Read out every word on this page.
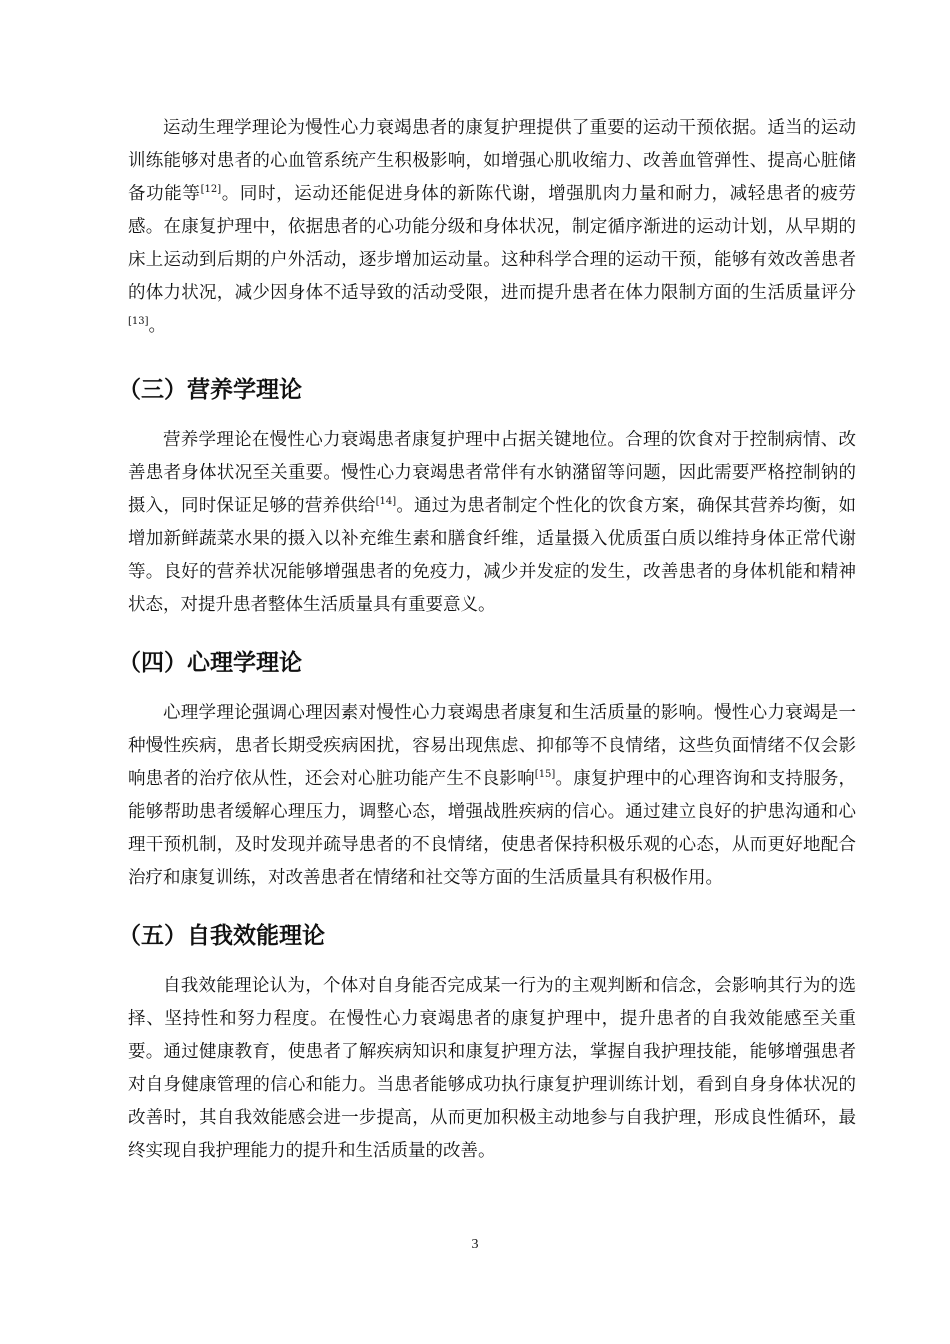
运动生理学理论为慢性心力衰竭患者的康复护理提供了重要的运动干预依据。适当的运动训练能够对患者的心血管系统产生积极影响，如增强心肌收缩力、改善血管弹性、提高心脏储备功能等[12]。同时，运动还能促进身体的新陈代谢，增强肌肉力量和耐力，减轻患者的疲劳感。在康复护理中，依据患者的心功能分级和身体状况，制定循序渐进的运动计划，从早期的床上运动到后期的户外活动，逐步增加运动量。这种科学合理的运动干预，能够有效改善患者的体力状况，减少因身体不适导致的活动受限，进而提升患者在体力限制方面的生活质量评分[13]。

（三）营养学理论

营养学理论在慢性心力衰竭患者康复护理中占据关键地位。合理的饮食对于控制病情、改善患者身体状况至关重要。慢性心力衰竭患者常伴有水钠潴留等问题，因此需要严格控制钠的摄入，同时保证足够的营养供给[14]。通过为患者制定个性化的饮食方案，确保其营养均衡，如增加新鲜蔬菜水果的摄入以补充维生素和膳食纤维，适量摄入优质蛋白质以维持身体正常代谢等。良好的营养状况能够增强患者的免疫力，减少并发症的发生，改善患者的身体机能和精神状态，对提升患者整体生活质量具有重要意义。

（四）心理学理论

心理学理论强调心理因素对慢性心力衰竭患者康复和生活质量的影响。慢性心力衰竭是一种慢性疾病，患者长期受疾病困扰，容易出现焦虑、抑郁等不良情绪，这些负面情绪不仅会影响患者的治疗依从性，还会对心脏功能产生不良影响[15]。康复护理中的心理咨询和支持服务，能够帮助患者缓解心理压力，调整心态，增强战胜疾病的信心。通过建立良好的护患沟通和心理干预机制，及时发现并疏导患者的不良情绪，使患者保持积极乐观的心态，从而更好地配合治疗和康复训练，对改善患者在情绪和社交等方面的生活质量具有积极作用。

（五）自我效能理论

自我效能理论认为，个体对自身能否完成某一行为的主观判断和信念，会影响其行为的选择、坚持性和努力程度。在慢性心力衰竭患者的康复护理中，提升患者的自我效能感至关重要。通过健康教育，使患者了解疾病知识和康复护理方法，掌握自我护理技能，能够增强患者对自身健康管理的信心和能力。当患者能够成功执行康复护理训练计划，看到自身身体状况的改善时，其自我效能感会进一步提高，从而更加积极主动地参与自我护理，形成良性循环，最终实现自我护理能力的提升和生活质量的改善。

3
